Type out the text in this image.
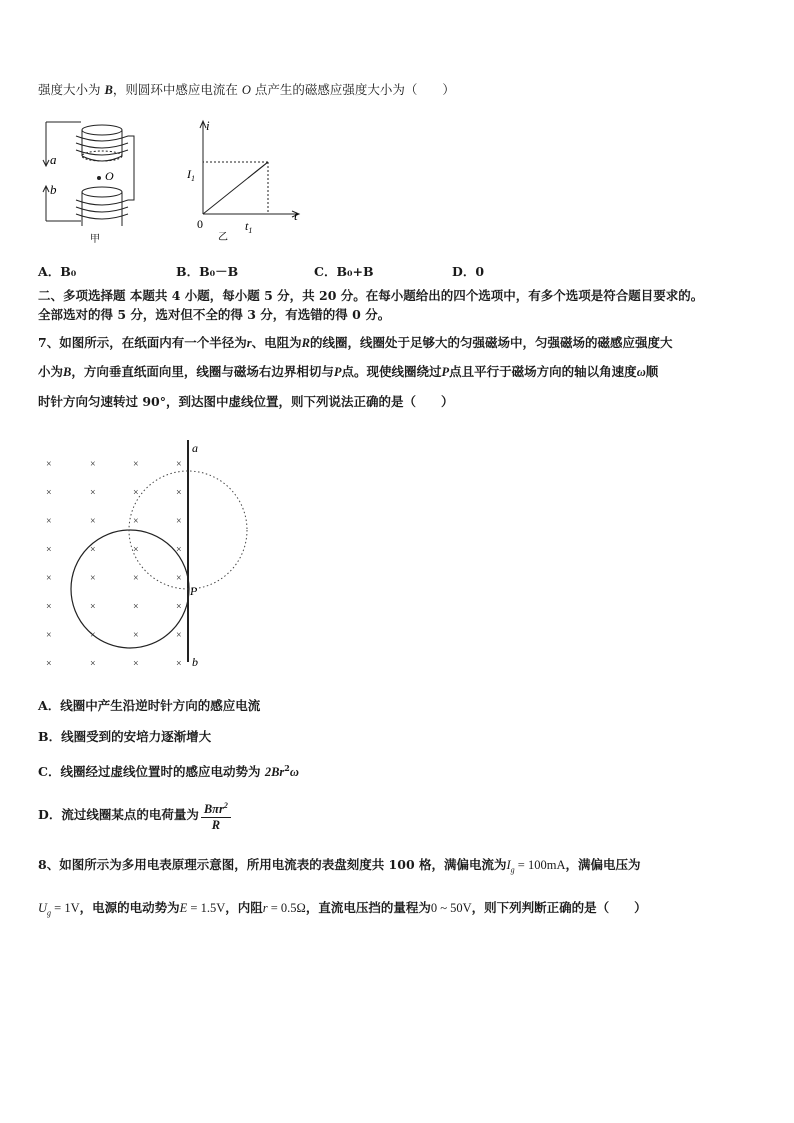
强度大小为 B，则圆环中感应电流在 O 点产生的磁感应强度大小为（　　）
a
b
O
甲
i
t
0
$I_1$
$t_1$
乙
A．B₀	B．B₀－B	C．B₀+B	D．0
二、多项选择题 本题共 4 小题，每小题 5 分，共 20 分。在每小题给出的四个选项中，有多个选项是符合题目要求的。
全部选对的得 5 分，选对但不全的得 3 分，有选错的得 0 分。
7、如图所示，在纸面内有一个半径为r、电阻为R的线圈，线圈处于足够大的匀强磁场中，匀强磁场的磁感应强度大
小为B，方向垂直纸面向里，线圈与磁场右边界相切与P点。现使线圈绕过P点且平行于磁场方向的轴以角速度ω顺
时针方向匀速转过 90°，到达图中虚线位置，则下列说法正确的是（　　）
×	×	×	×
×	×	×	×
×	×	×	×
×	×	×	×
×	×	×	×
×	×	×	×
×	×	×	×
×	×	×	×
a
b
P
A．线圈中产生沿逆时针方向的感应电流
B．线圈受到的安培力逐渐增大
C．线圈经过虚线位置时的感应电动势为 2Br$^2$ω
D．流过线圈某点的电荷量为 $\frac{B\pi r^2}{R}$
8、如图所示为多用电表原理示意图，所用电流表的表盘刻度共 100 格，满偏电流为$I_g = 100mA$，满偏电压为
$U_g = 1V$，电源的电动势为E = 1.5V，内阻r = 0.5Ω，直流电压挡的量程为0 ~ 50V，则下列判断正确的是（　　）
